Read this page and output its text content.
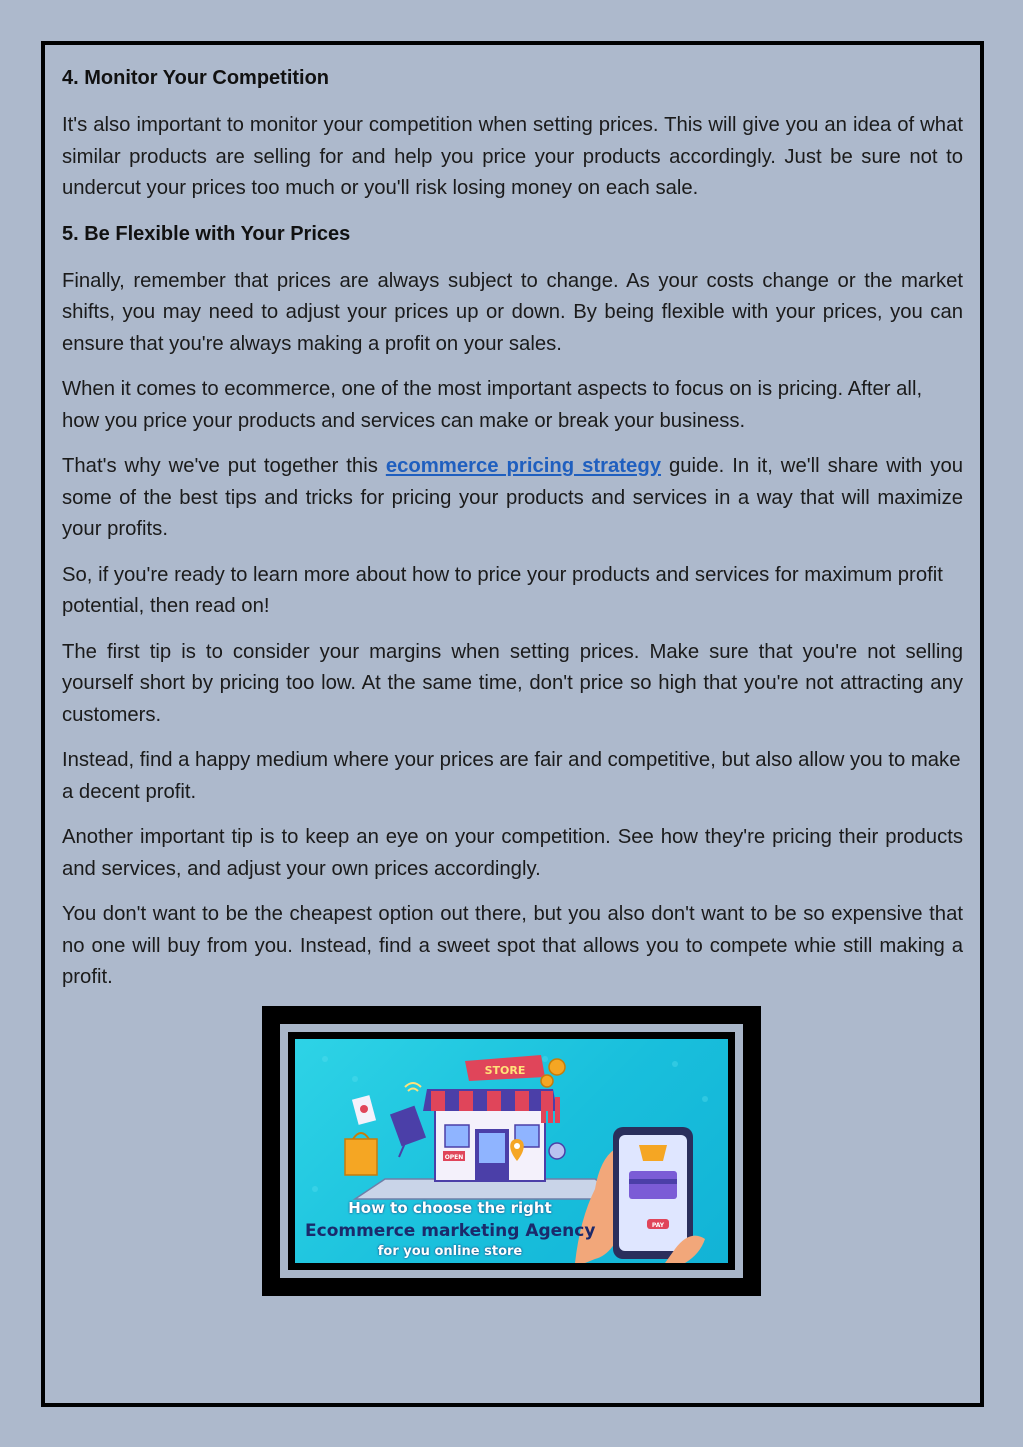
4. Monitor Your Competition

It's also important to monitor your competition when setting prices. This will give you an idea of what similar products are selling for and help you price your products accordingly. Just be sure not to undercut your prices too much or you'll risk losing money on each sale.

5. Be Flexible with Your Prices

Finally, remember that prices are always subject to change. As your costs change or the market shifts, you may need to adjust your prices up or down. By being flexible with your prices, you can ensure that you're always making a profit on your sales.

When it comes to ecommerce, one of the most important aspects to focus on is pricing. After all, how you price your products and services can make or break your business.

That's why we've put together this ecommerce pricing strategy guide. In it, we'll share with you some of the best tips and tricks for pricing your products and services in a way that will maximize your profits.

So, if you're ready to learn more about how to price your products and services for maximum profit potential, then read on!

The first tip is to consider your margins when setting prices. Make sure that you're not selling yourself short by pricing too low. At the same time, don't price so high that you're not attracting any customers.

Instead, find a happy medium where your prices are fair and competitive, but also allow you to make a decent profit.

Another important tip is to keep an eye on your competition. See how they're pricing their products and services, and adjust your own prices accordingly.

You don't want to be the cheapest option out there, but you also don't want to be so expensive that no one will buy from you. Instead, find a sweet spot that allows you to compete whie still making a profit.

STORE
OPEN
PAY
How to choose the right
Ecommerce marketing Agency
for you online store
